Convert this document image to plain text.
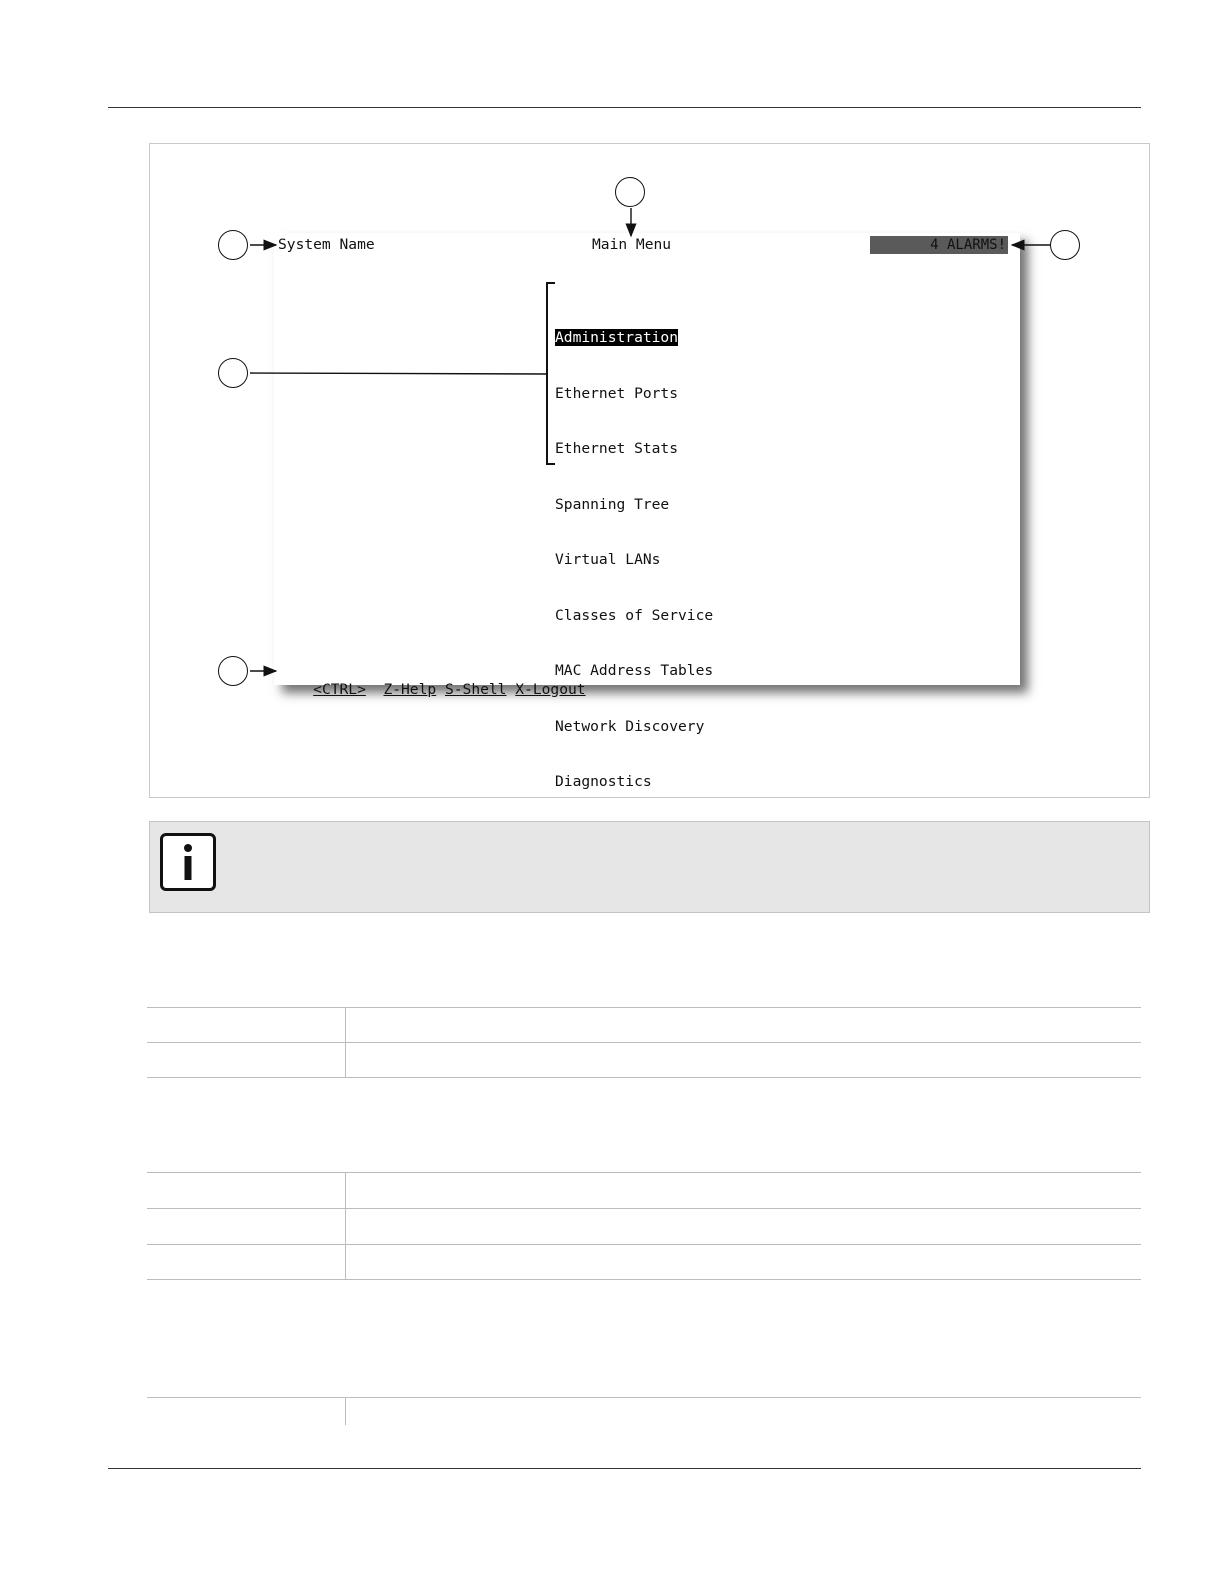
System Name	Main Menu	4 ALARMS!

Administration

Ethernet Ports

Ethernet Stats

Spanning Tree

Virtual LANs

Classes of Service

MAC Address Tables

Network Discovery

Diagnostics

<CTRL> Z-Help S-Shell X-Logout
